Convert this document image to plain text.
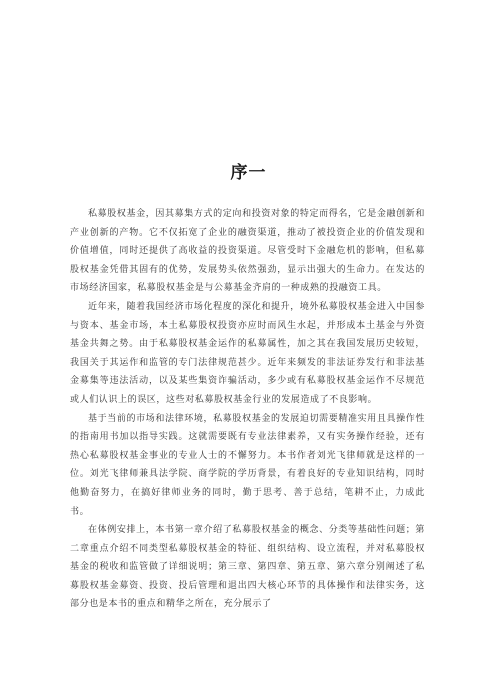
序一

私募股权基金，因其募集方式的定向和投资对象的特定而得名，它是金融创新和产业创新的产物。它不仅拓宽了企业的融资渠道，推动了被投资企业的价值发现和价值增值，同时还提供了高收益的投资渠道。尽管受时下金融危机的影响，但私募股权基金凭借其固有的优势，发展势头依然强劲，显示出强大的生命力。在发达的市场经济国家，私募股权基金是与公募基金齐肩的一种成熟的投融资工具。

近年来，随着我国经济市场化程度的深化和提升，境外私募股权基金进入中国参与资本、基金市场，本土私募股权投资亦应时而风生水起，并形成本土基金与外资基金共舞之势。由于私募股权基金运作的私募属性，加之其在我国发展历史较短，我国关于其运作和监管的专门法律规范甚少。近年来频发的非法证券发行和非法基金募集等违法活动，以及某些集资诈骗活动，多少或有私募股权基金运作不尽规范或人们认识上的误区，这些对私募股权基金行业的发展造成了不良影响。

基于当前的市场和法律环境，私募股权基金的发展迫切需要精准实用且具操作性的指南用书加以指导实践。这就需要既有专业法律素养，又有实务操作经验，还有热心私募股权基金事业的专业人士的不懈努力。本书作者刘光飞律师就是这样的一位。刘光飞律师兼具法学院、商学院的学历背景，有着良好的专业知识结构，同时他勤奋努力，在搞好律师业务的同时，勤于思考、善于总结，笔耕不止，力成此书。

在体例安排上，本书第一章介绍了私募股权基金的概念、分类等基础性问题；第二章重点介绍不同类型私募股权基金的特征、组织结构、设立流程，并对私募股权基金的税收和监管做了详细说明；第三章、第四章、第五章、第六章分别阐述了私募股权基金募资、投资、投后管理和退出四大核心环节的具体操作和法律实务，这部分也是本书的重点和精华之所在，充分展示了
